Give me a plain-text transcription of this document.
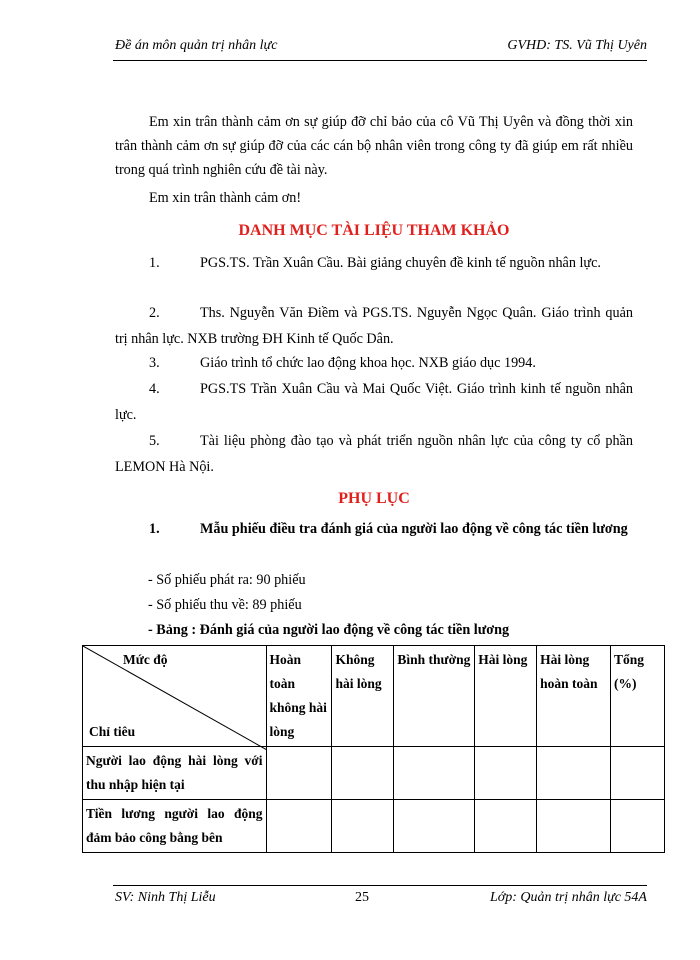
Đề án môn quản trị nhân lực	GVHD: TS. Vũ Thị Uyên
Em xin trân thành cảm ơn sự giúp đỡ chỉ bảo của cô Vũ Thị Uyên và đồng thời xin trân thành cảm ơn sự giúp đỡ của các cán bộ nhân viên trong công ty đã giúp em rất nhiều trong quá trình nghiên cứu đề tài này.
Em xin trân thành cảm ơn!
DANH MỤC TÀI LIỆU THAM KHẢO
1.	PGS.TS. Trần Xuân Cầu. Bài giảng chuyên đề kinh tế nguồn nhân lực.
2.	Ths. Nguyễn Văn Điềm và PGS.TS. Nguyễn Ngọc Quân. Giáo trình quản trị nhân lực. NXB trường ĐH Kinh tế Quốc Dân.
3.	Giáo trình tổ chức lao động khoa học. NXB giáo dục 1994.
4.	PGS.TS Trần Xuân Cầu và Mai Quốc Việt. Giáo trình kinh tế nguồn nhân lực.
5.	Tài liệu phòng đào tạo và phát triển nguồn nhân lực của công ty cổ phần LEMON Hà Nội.
PHỤ LỤC
1.	Mẫu phiếu điều tra đánh giá của người lao động về công tác tiền lương
- Số phiếu phát ra: 90 phiếu
- Số phiếu thu về: 89 phiếu
- Bảng : Đánh giá của người lao động về công tác tiền lương
Mức độ
Chỉ tiêu	Hoàn toàn không hài lòng	Không hài lòng	Bình thường	Hài lòng	Hài lòng hoàn toàn	Tổng (%)
Người lao động hài lòng với thu nhập hiện tại						
Tiền lương người lao động đảm bảo công bằng bên						
SV: Ninh Thị Liễu	25	Lớp: Quản trị nhân lực 54A
